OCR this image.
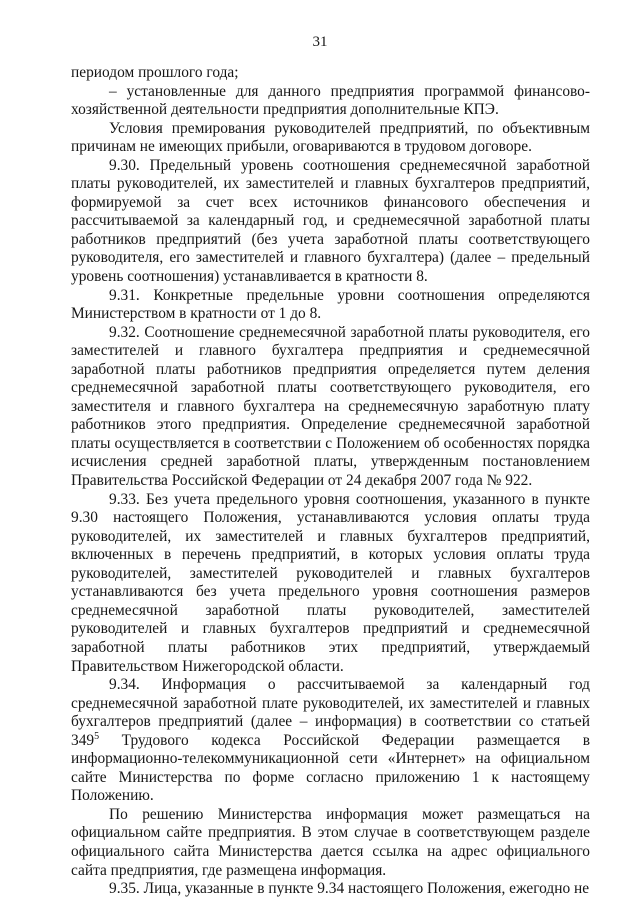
31

периодом прошлого года;

– установленные для данного предприятия программой финансово-хозяйственной деятельности предприятия дополнительные КПЭ.

Условия премирования руководителей предприятий, по объективным причинам не имеющих прибыли, оговариваются в трудовом договоре.

9.30. Предельный уровень соотношения среднемесячной заработной платы руководителей, их заместителей и главных бухгалтеров предприятий, формируемой за счет всех источников финансового обеспечения и рассчитываемой за календарный год, и среднемесячной заработной платы работников предприятий (без учета заработной платы соответствующего руководителя, его заместителей и главного бухгалтера) (далее – предельный уровень соотношения) устанавливается в кратности 8.

9.31. Конкретные предельные уровни соотношения определяются Министерством в кратности от 1 до 8.

9.32. Соотношение среднемесячной заработной платы руководителя, его заместителей и главного бухгалтера предприятия и среднемесячной заработной платы работников предприятия определяется путем деления среднемесячной заработной платы соответствующего руководителя, его заместителя и главного бухгалтера на среднемесячную заработную плату работников этого предприятия. Определение среднемесячной заработной платы осуществляется в соответствии с Положением об особенностях порядка исчисления средней заработной платы, утвержденным постановлением Правительства Российской Федерации от 24 декабря 2007 года № 922.

9.33. Без учета предельного уровня соотношения, указанного в пункте 9.30 настоящего Положения, устанавливаются условия оплаты труда руководителей, их заместителей и главных бухгалтеров предприятий, включенных в перечень предприятий, в которых условия оплаты труда руководителей, заместителей руководителей и главных бухгалтеров устанавливаются без учета предельного уровня соотношения размеров среднемесячной заработной платы руководителей, заместителей руководителей и главных бухгалтеров предприятий и среднемесячной заработной платы работников этих предприятий, утверждаемый Правительством Нижегородской области.

9.34. Информация о рассчитываемой за календарный год среднемесячной заработной плате руководителей, их заместителей и главных бухгалтеров предприятий (далее – информация) в соответствии со статьей $349^5$ Трудового кодекса Российской Федерации размещается в информационно-телекоммуникационной сети «Интернет» на официальном сайте Министерства по форме согласно приложению 1 к настоящему Положению.

По решению Министерства информация может размещаться на официальном сайте предприятия. В этом случае в соответствующем разделе официального сайта Министерства дается ссылка на адрес официального сайта предприятия, где размещена информация.

9.35. Лица, указанные в пункте 9.34 настоящего Положения, ежегодно не
